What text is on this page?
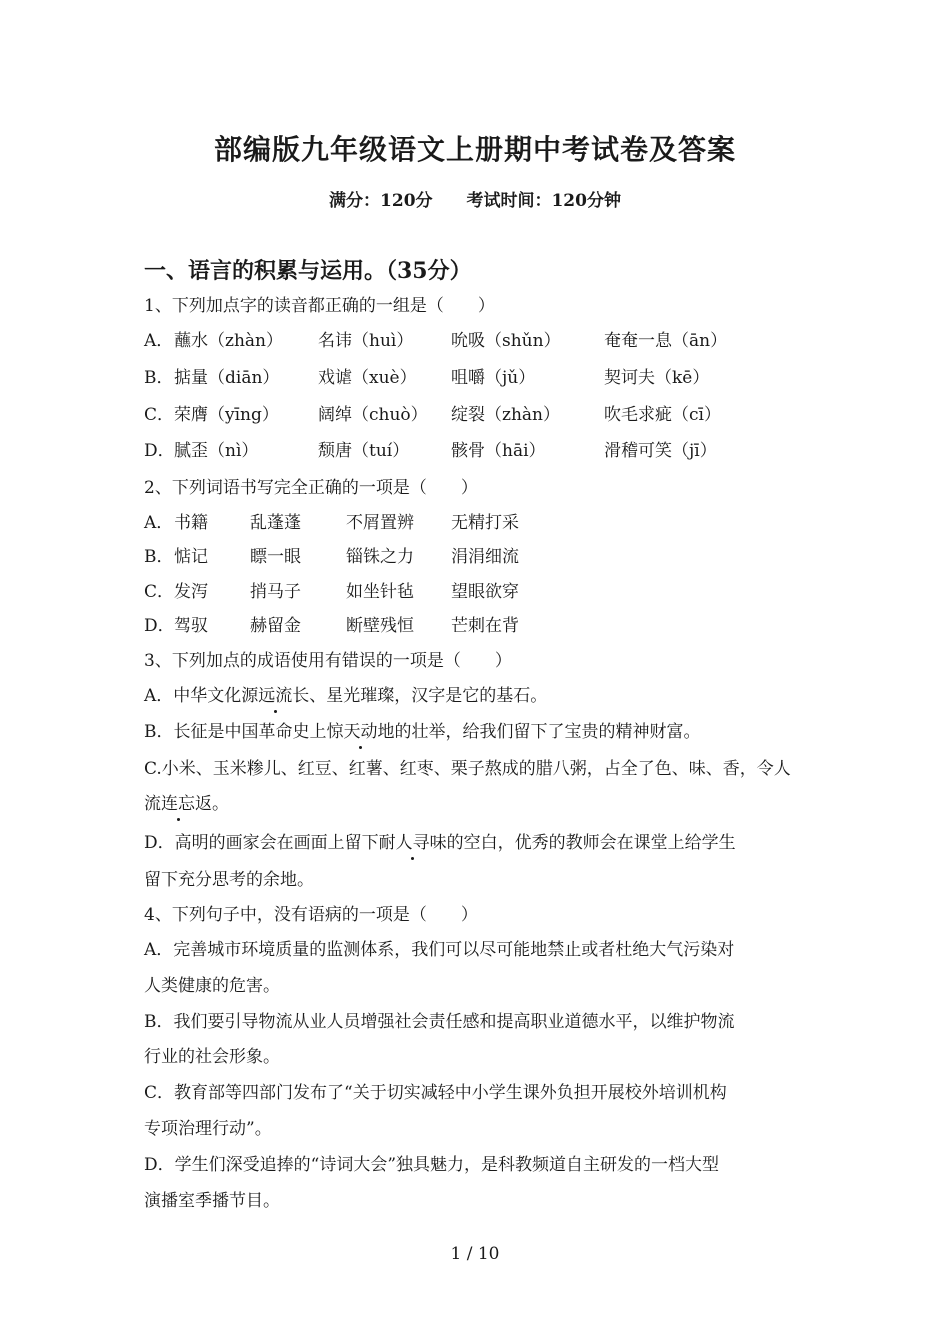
部编版九年级语文上册期中考试卷及答案
满分：120分 考试时间：120分钟
一、语言的积累与运用。（35分）
1、下列加点字的读音都正确的一组是（　　）
A． 蘸水（zhàn） 名讳（huì） 吮吸（shǔn）	奄奄一息（ān）
B． 掂量（diān） 戏谑（xuè） 咀嚼（jǔ）	契诃夫（kē）
C． 荣膺（yīng） 阔绰（chuò） 绽裂（zhàn）	吹毛求疵（cī）
D． 腻歪（nì）	颓唐（tuí） 骸骨（hāi）	滑稽可笑（jī）
2、下列词语书写完全正确的一项是（　　）
A． 书籍 乱蓬蓬	不屑置辨 无精打采
B． 惦记 瞟一眼	锱铢之力 涓涓细流
C． 发泻 捎马子	如坐针毡 望眼欲穿
D． 驾驭 赫留金	断壁残恒 芒刺在背
3、下列加点的成语使用有错误的一项是（　　）
A．中华文化源远流长、星光璀璨，汉字是它的基石。
B．长征是中国革命史上惊天动地的壮举，给我们留下了宝贵的精神财富。
C.小米、玉米糁儿、红豆、红薯、红枣、栗子熬成的腊八粥，占全了色、味、香，令人
流连忘返。
D．高明的画家会在画面上留下耐人寻味的空白，优秀的教师会在课堂上给学生
留下充分思考的余地。
4、下列句子中，没有语病的一项是（　　）
A．完善城市环境质量的监测体系，我们可以尽可能地禁止或者杜绝大气污染对
人类健康的危害。
B．我们要引导物流从业人员增强社会责任感和提高职业道德水平，以维护物流
行业的社会形象。
C．教育部等四部门发布了“关于切实减轻中小学生课外负担开展校外培训机构
专项治理行动”。
D．学生们深受追捧的“诗词大会”独具魅力，是科教频道自主研发的一档大型
演播室季播节目。
1 / 10
